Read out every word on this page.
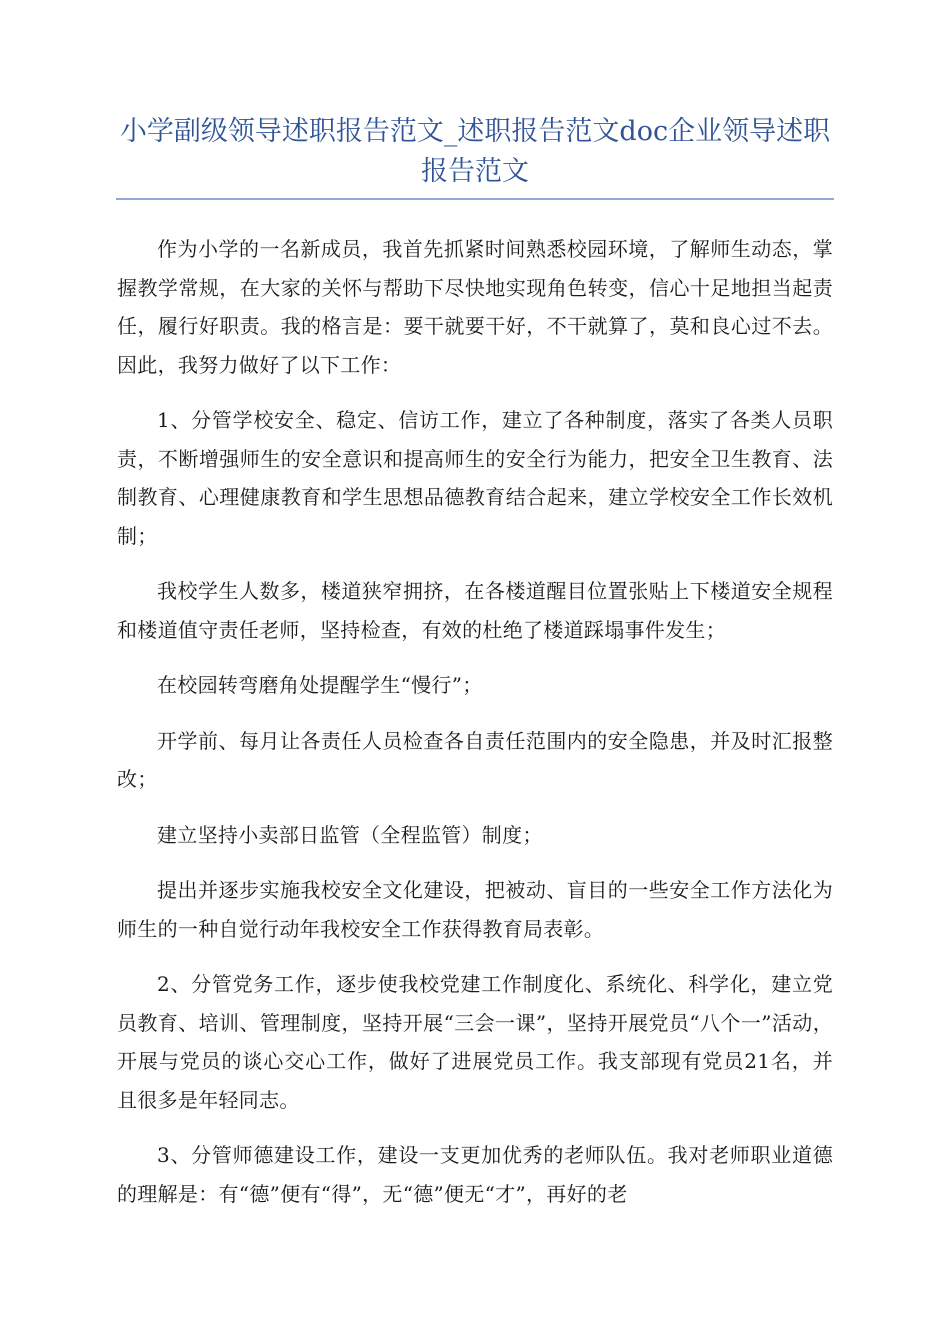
小学副级领导述职报告范文_述职报告范文doc企业领导述职报告范文

作为小学的一名新成员，我首先抓紧时间熟悉校园环境，了解师生动态，掌握教学常规，在大家的关怀与帮助下尽快地实现角色转变，信心十足地担当起责任，履行好职责。我的格言是：要干就要干好，不干就算了，莫和良心过不去。因此，我努力做好了以下工作：

1、分管学校安全、稳定、信访工作，建立了各种制度，落实了各类人员职责，不断增强师生的安全意识和提高师生的安全行为能力，把安全卫生教育、法制教育、心理健康教育和学生思想品德教育结合起来，建立学校安全工作长效机制；

我校学生人数多，楼道狭窄拥挤，在各楼道醒目位置张贴上下楼道安全规程和楼道值守责任老师，坚持检查，有效的杜绝了楼道踩塌事件发生；

在校园转弯磨角处提醒学生“慢行”；

开学前、每月让各责任人员检查各自责任范围内的安全隐患，并及时汇报整改；

建立坚持小卖部日监管（全程监管）制度；

提出并逐步实施我校安全文化建设，把被动、盲目的一些安全工作方法化为师生的一种自觉行动年我校安全工作获得教育局表彰。

2、分管党务工作，逐步使我校党建工作制度化、系统化、科学化，建立党员教育、培训、管理制度，坚持开展“三会一课”，坚持开展党员“八个一”活动，开展与党员的谈心交心工作，做好了进展党员工作。我支部现有党员21名，并且很多是年轻同志。

3、分管师德建设工作，建设一支更加优秀的老师队伍。我对老师职业道德的理解是：有“德”便有“得”，无“德”便无“才”，再好的老
